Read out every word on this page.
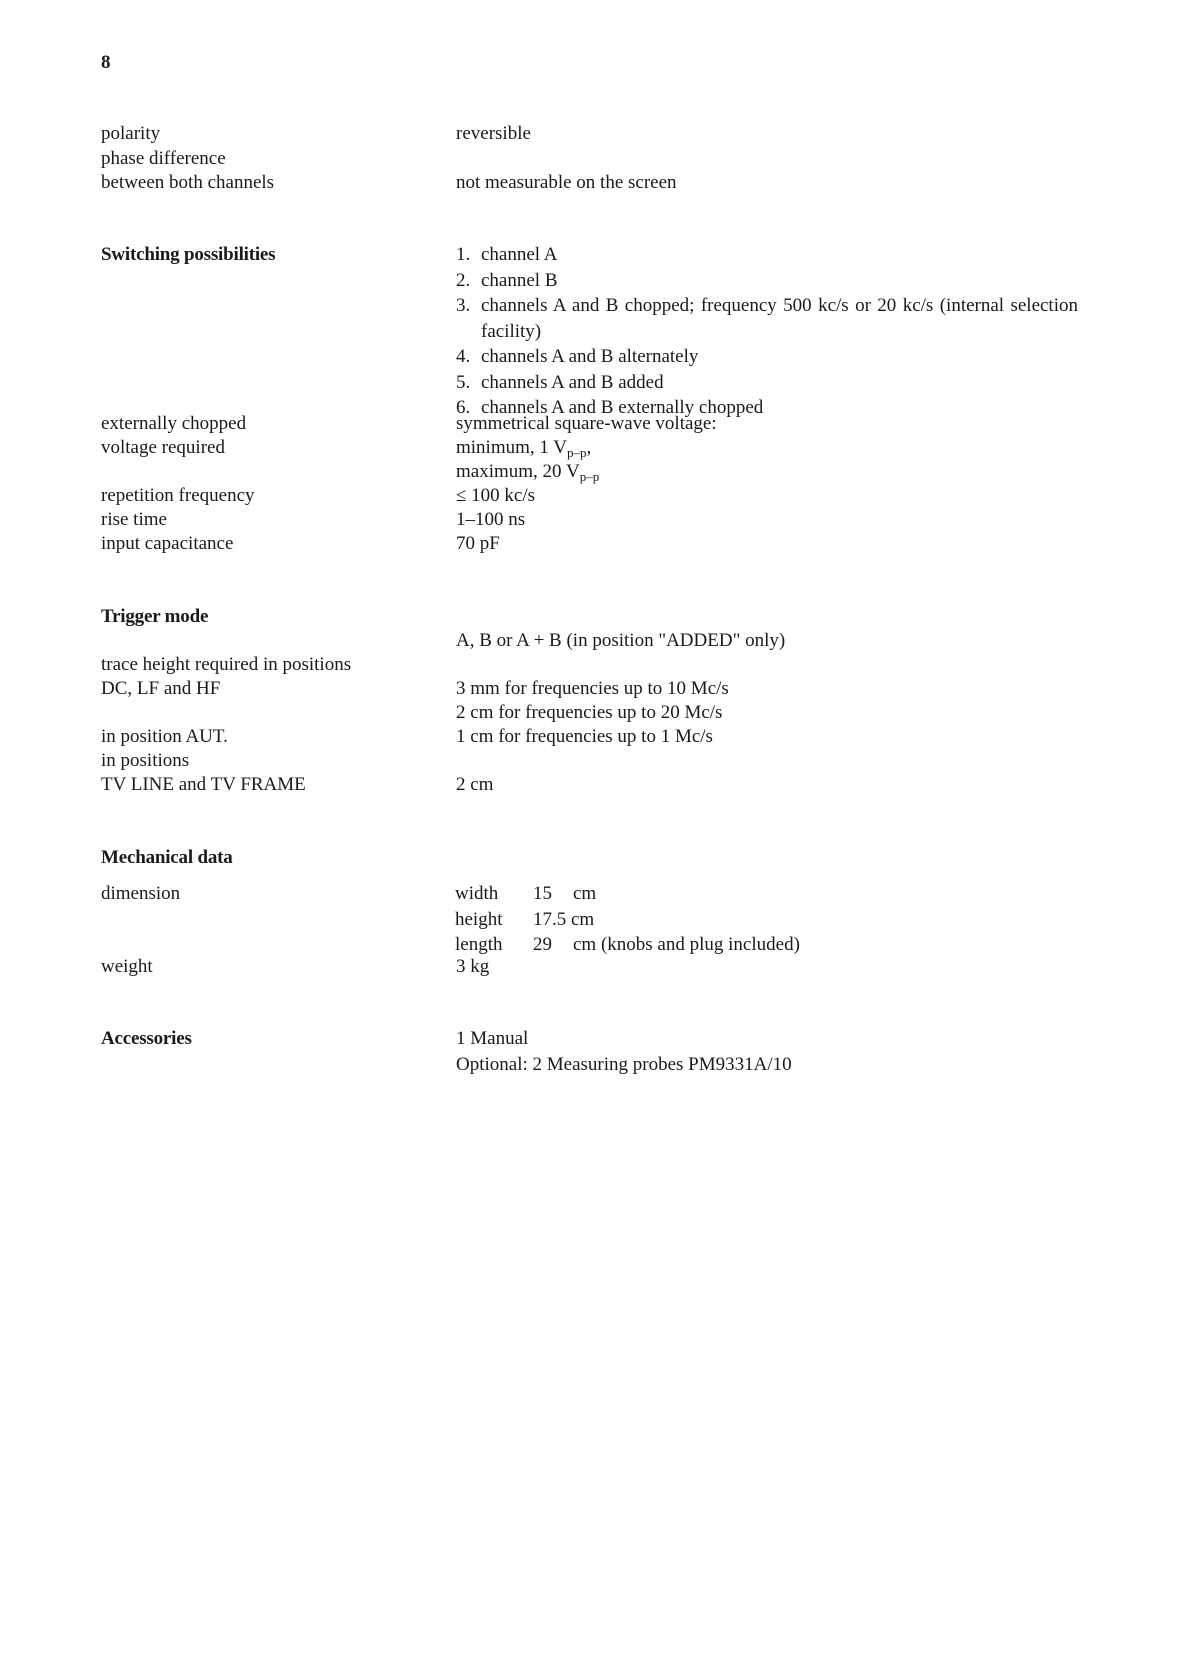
8
polarity	reversible
phase difference
between both channels	not measurable on the screen
Switching possibilities	1. channel A
2. channel B
3. channels A and B chopped; frequency 500 kc/s or 20 kc/s (internal selection facility)
4. channels A and B alternately
5. channels A and B added
6. channels A and B externally chopped
externally chopped	symmetrical square-wave voltage:
voltage required	minimum, 1 $V_{p-p}$,
maximum, 20 $V_{p-p}$
repetition frequency	≤ 100 kc/s
rise time	1–100 ns
input capacitance	70 pF
Trigger mode
A, B or A + B (in position "ADDED" only)
trace height required in positions
DC, LF and HF	3 mm for frequencies up to 10 Mc/s
2 cm for frequencies up to 20 Mc/s
in position AUT.	1 cm for frequencies up to 1 Mc/s
in positions
TV LINE and TV FRAME	2 cm
Mechanical data
dimension	width	15	cm
height	17.5 cm
length	29	cm (knobs and plug included)
weight	3 kg
Accessories	1 Manual
Optional: 2 Measuring probes PM9331A/10
